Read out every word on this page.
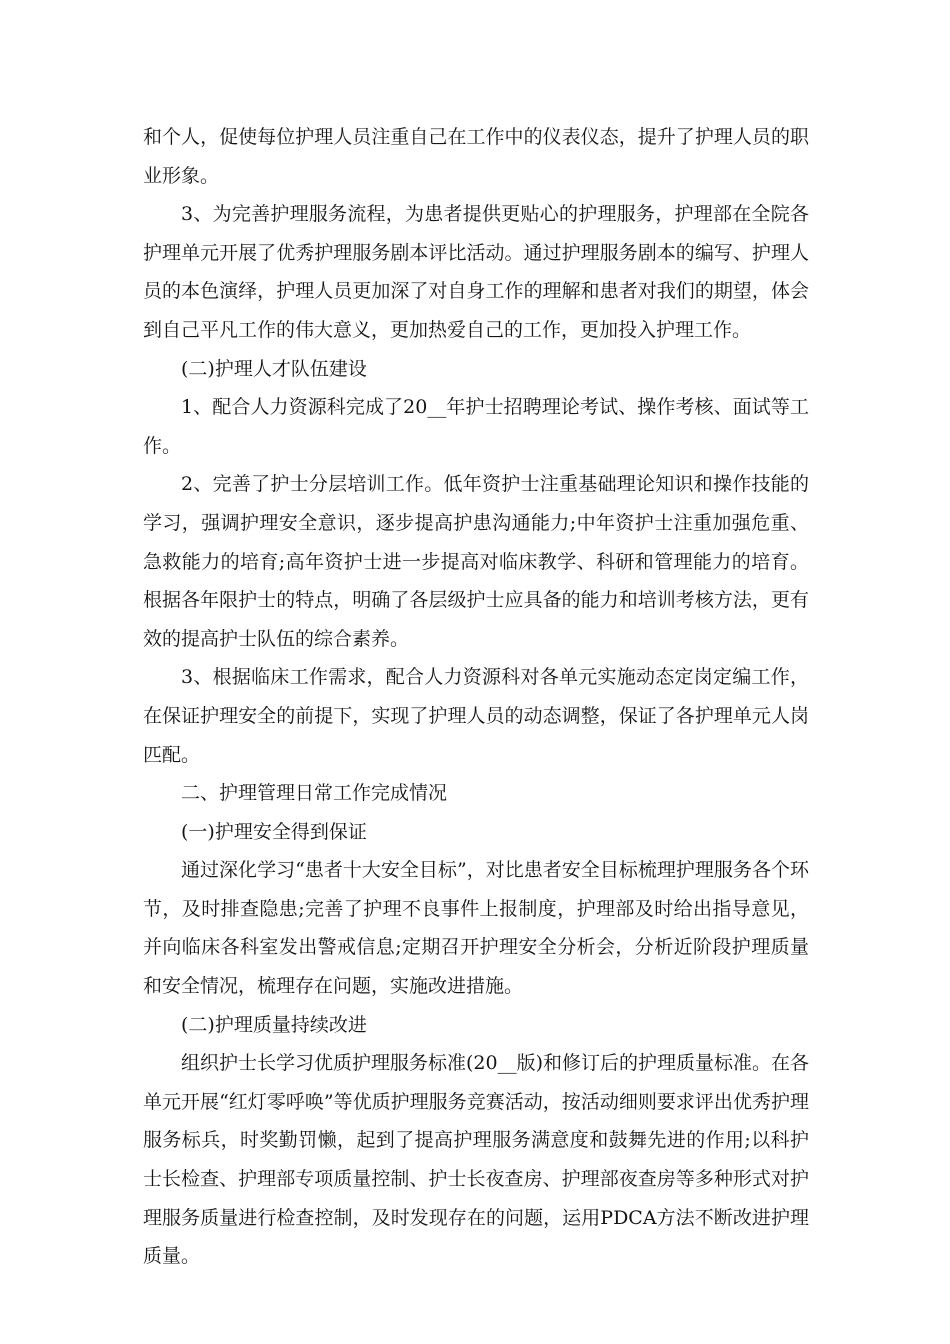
和个人，促使每位护理人员注重自己在工作中的仪表仪态，提升了护理人员的职业形象。

3、为完善护理服务流程，为患者提供更贴心的护理服务，护理部在全院各护理单元开展了优秀护理服务剧本评比活动。通过护理服务剧本的编写、护理人员的本色演绎，护理人员更加深了对自身工作的理解和患者对我们的期望，体会到自己平凡工作的伟大意义，更加热爱自己的工作，更加投入护理工作。

(二)护理人才队伍建设

1、配合人力资源科完成了20__年护士招聘理论考试、操作考核、面试等工作。

2、完善了护士分层培训工作。低年资护士注重基础理论知识和操作技能的学习，强调护理安全意识，逐步提高护患沟通能力;中年资护士注重加强危重、急救能力的培育;高年资护士进一步提高对临床教学、科研和管理能力的培育。根据各年限护士的特点，明确了各层级护士应具备的能力和培训考核方法，更有效的提高护士队伍的综合素养。

3、根据临床工作需求，配合人力资源科对各单元实施动态定岗定编工作，在保证护理安全的前提下，实现了护理人员的动态调整，保证了各护理单元人岗匹配。

二、护理管理日常工作完成情况

(一)护理安全得到保证

通过深化学习“患者十大安全目标”，对比患者安全目标梳理护理服务各个环节，及时排查隐患;完善了护理不良事件上报制度，护理部及时给出指导意见，并向临床各科室发出警戒信息;定期召开护理安全分析会，分析近阶段护理质量和安全情况，梳理存在问题，实施改进措施。

(二)护理质量持续改进

组织护士长学习优质护理服务标准(20__版)和修订后的护理质量标准。在各单元开展“红灯零呼唤”等优质护理服务竞赛活动，按活动细则要求评出优秀护理服务标兵，时奖勤罚懒，起到了提高护理服务满意度和鼓舞先进的作用;以科护士长检查、护理部专项质量控制、护士长夜查房、护理部夜查房等多种形式对护理服务质量进行检查控制，及时发现存在的问题，运用PDCA方法不断改进护理质量。
